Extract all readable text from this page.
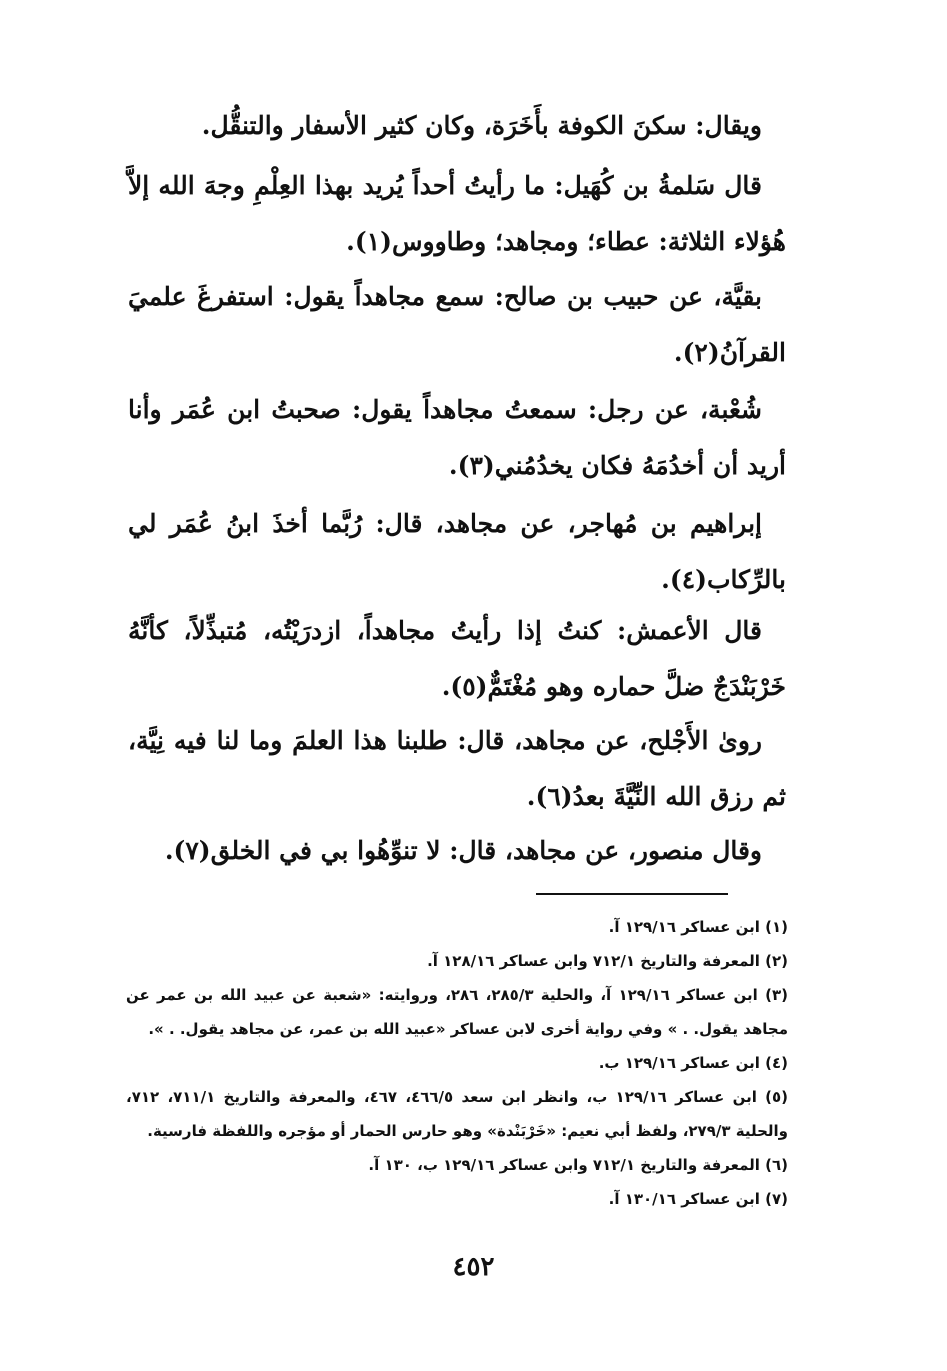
ويقال: سكنَ الكوفة بأَخَرَة، وكان كثير الأسفار والتنقُّل.

قال سَلمةُ بن كُهَيل: ما رأيتُ أحداً يُريد بهذا العِلْمِ وجهَ الله إلاَّ هُؤلاء الثلاثة: عطاء؛ ومجاهد؛ وطاووس(١).

بقيَّة، عن حبيب بن صالح: سمع مجاهداً يقول: استفرغَ علميَ القرآنُ(٢).

شُعْبة، عن رجل: سمعتُ مجاهداً يقول: صحبتُ ابن عُمَر وأنا أريد أن أخدُمَهُ فكان يخدُمُني(٣).

إبراهيم بن مُهاجر، عن مجاهد، قال: رُبَّما أخذَ ابنُ عُمَر لي بالرِّكاب(٤).

قال الأعمش: كنتُ إذا رأيتُ مجاهداً، ازدرَيْتُه، مُتبذِّلاً، كأنَّهُ خَرْبَنْدَجٌ ضلَّ حماره وهو مُغْتَمٌّ(٥).

روىٰ الأَجْلح، عن مجاهد، قال: طلبنا هذا العلمَ وما لنا فيه نِيَّة، ثم رزق الله النِّيَّةَ بعدُ(٦).

وقال منصور، عن مجاهد، قال: لا تنوِّهُوا بي في الخلق(٧).

(١) ابن عساكر ١٢٩/١٦ آ.

(٢) المعرفة والتاريخ ٧١٢/١ وابن عساكر ١٢٨/١٦ آ.

(٣) ابن عساكر ١٢٩/١٦ آ، والحلية ٢٨٥/٣، ٢٨٦، وروايته: «شعبة عن عبيد الله بن عمر عن مجاهد يقول. . » وفي رواية أخرى لابن عساكر «عبيد الله بن عمر، عن مجاهد يقول. . ».

(٤) ابن عساكر ١٢٩/١٦ ب.

(٥) ابن عساكر ١٢٩/١٦ ب، وانظر ابن سعد ٤٦٦/٥، ٤٦٧، والمعرفة والتاريخ ٧١١/١، ٧١٢، والحلية ٢٧٩/٣، ولفظ أبي نعيم: «خَرْبَنْدة» وهو حارس الحمار أو مؤجره واللفظة فارسية.

(٦) المعرفة والتاريخ ٧١٢/١ وابن عساكر ١٢٩/١٦ ب، ١٣٠ آ.

(٧) ابن عساكر ١٣٠/١٦ آ.

٤٥٢
